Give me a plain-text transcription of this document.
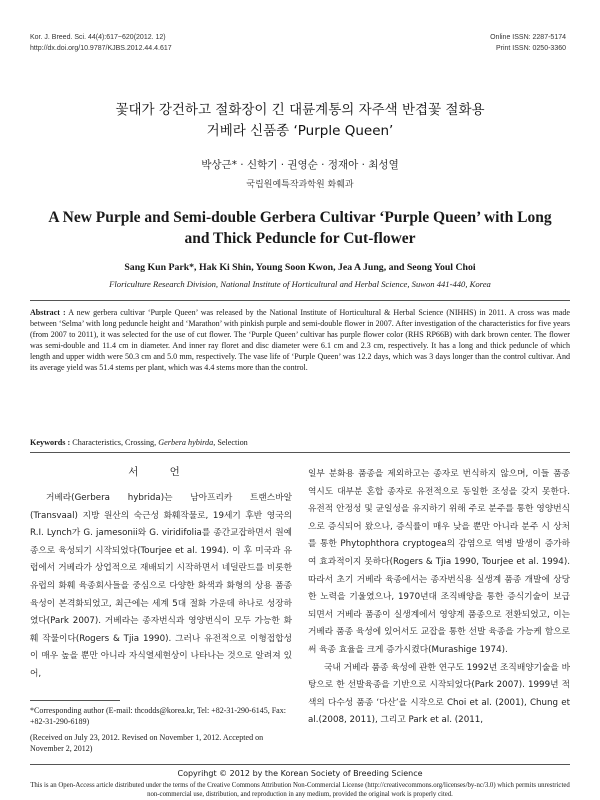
Kor. J. Breed. Sci. 44(4):617~620(2012. 12)
http://dx.doi.org/10.9787/KJBS.2012.44.4.617
Online ISSN: 2287-5174
Print ISSN: 0250-3360
꽃대가 강건하고 절화장이 긴 대륜계통의 자주색 반겹꽃 절화용
거베라 신품종 ‘Purple Queen’
박상근* · 신학기 · 권영순 · 정재아 · 최성열
국립원예특작과학원 화훼과
A New Purple and Semi-double Gerbera Cultivar ‘Purple Queen’ with Long
and Thick Peduncle for Cut-flower
Sang Kun Park*, Hak Ki Shin, Young Soon Kwon, Jea A Jung, and Seong Youl Choi
Floriculture Research Division, National Institute of Horticultural and Herbal Science, Suwon 441-440, Korea
Abstract : A new gerbera cultivar ‘Purple Queen’ was released by the National Institute of Horticultural & Herbal Science (NIHHS) in 2011. A cross was made between ‘Selma’ with long peduncle height and ‘Marathon’ with pinkish purple and semi-double flower in 2007. After investigation of the characteristics for five years (from 2007 to 2011), it was selected for the use of cut flower. The ‘Purple Queen’ cultivar has purple flower color (RHS RP66B) with dark brown center. The flower was semi-double and 11.4 cm in diameter. And inner ray floret and disc diameter were 6.1 cm and 2.3 cm, respectively. It has a long and thick peduncle of which length and upper width were 50.3 cm and 5.0 mm, respectively. The vase life of ‘Purple Queen’ was 12.2 days, which was 3 days longer than the control cultivar. And its average yield was 51.4 stems per plant, which was 4.4 stems more than the control.
Keywords : Characteristics, Crossing, Gerbera hybirda, Selection
서 언

거베라(Gerbera hybrida)는 남아프리카 트랜스바알(Transvaal) 지방 원산의 숙근성 화훼작물로, 19세기 후반 영국의 R.I. Lynch가 G. jamesonii와 G. viridifolia를 종간교잡하면서 원예종으로 육성되기 시작되었다(Tourjee et al. 1994). 이 후 미국과 유럽에서 거베라가 상업적으로 재배되기 시작하면서 네덜란드를 비롯한 유럽의 화훼 육종회사들을 중심으로 다양한 화색과 화형의 상용 품종 육성이 본격화되었고, 최근에는 세계 5대 절화 가운데 하나로 성장하였다(Park 2007). 거베라는 종자번식과 영양번식이 모두 가능한 화훼 작물이다(Rogers & Tjia 1990). 그러나 유전적으로 이형접합성이 매우 높을 뿐만 아니라 자식열세현상이 나타나는 것으로 알려져 있어,

일부 분화용 품종을 제외하고는 종자로 번식하지 않으며, 이들 품종 역시도 대부분 혼합 종자로 유전적으로 동일한 조성을 갖지 못한다. 유전적 안정성 및 균일성을 유지하기 위해 주로 분주를 통한 영양번식으로 증식되어 왔으나, 증식률이 매우 낮을 뿐만 아니라 분주 시 상처를 통한 Phytophthora cryptogea의 감염으로 역병 발생이 증가하여 효과적이지 못하다(Rogers & Tjia 1990, Tourjee et al. 1994). 따라서 초기 거베라 육종에서는 종자번식용 실생계 품종 개발에 상당한 노력을 기울였으나, 1970년대 조직배양을 통한 증식기술이 보급되면서 거베라 품종이 실생계에서 영양계 품종으로 전환되었고, 이는 거베라 품종 육성에 있어서도 교잡을 통한 선발 육종을 가능케 함으로써 육종 효율을 크게 증가시켰다(Murashige 1974).

국내 거베라 품종 육성에 관한 연구도 1992년 조직배양기술을 바탕으로 한 선발육종을 기반으로 시작되었다(Park 2007). 1999년 적색의 다수성 품종 ‘다산’을 시작으로 Choi et al. (2001), Chung et al.(2008, 2011), 그리고 Park et al. (2011,

*Corresponding author (E-mail: thcodds@korea.kr, Tel: +82-31-290-6145, Fax: +82-31-290-6189)
(Received on July 23, 2012. Revised on November 1, 2012. Accepted on November 2, 2012)
Copyrihgt © 2012 by the Korean Society of Breeding Science
This is an Open-Access article distributed under the terms of the Creative Commons Attribution Non-Commercial License (http://creativecommons.org/licenses/by-nc/3.0) which permits unrestricted non-commercial use, distribution, and reproduction in any medium, provided the original work is properly cited.
